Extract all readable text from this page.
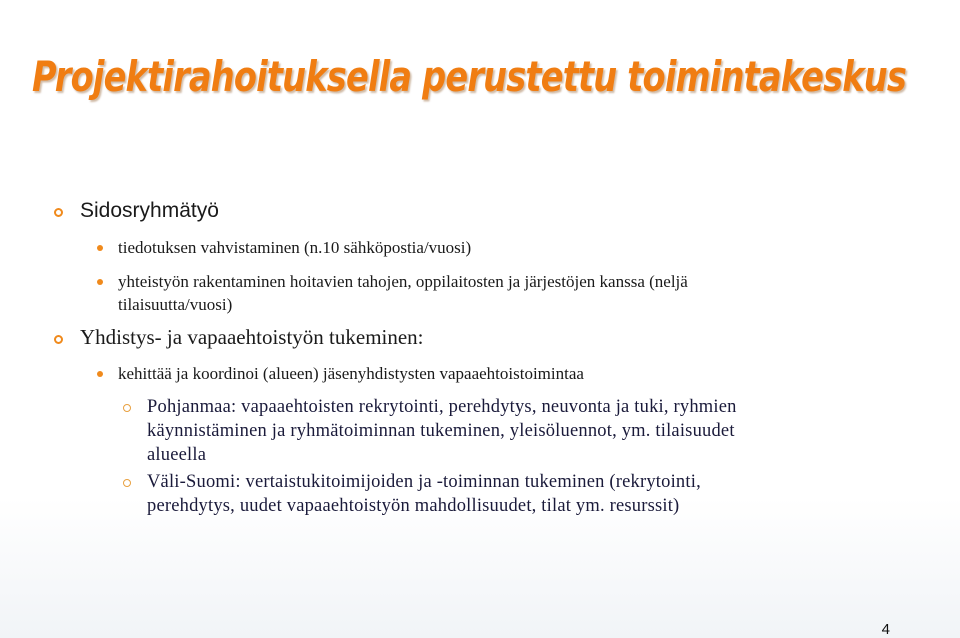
Projektirahoituksella perustettu toimintakeskus
Sidosryhmätyö
tiedotuksen vahvistaminen (n.10 sähköpostia/vuosi)
yhteistyön rakentaminen hoitavien tahojen, oppilaitosten ja järjestöjen kanssa (neljä
tilaisuutta/vuosi)
Yhdistys- ja vapaaehtoistyön tukeminen:
kehittää ja koordinoi (alueen) jäsenyhdistysten vapaaehtoistoimintaa
Pohjanmaa: vapaaehtoisten rekrytointi, perehdytys, neuvonta ja tuki, ryhmien
käynnistäminen ja ryhmätoiminnan tukeminen, yleisöluennot, ym. tilaisuudet
alueella
Väli-Suomi: vertaistukitoimijoiden ja -toiminnan tukeminen (rekrytointi,
perehdytys, uudet vapaaehtoistyön mahdollisuudet, tilat ym. resurssit)
4
